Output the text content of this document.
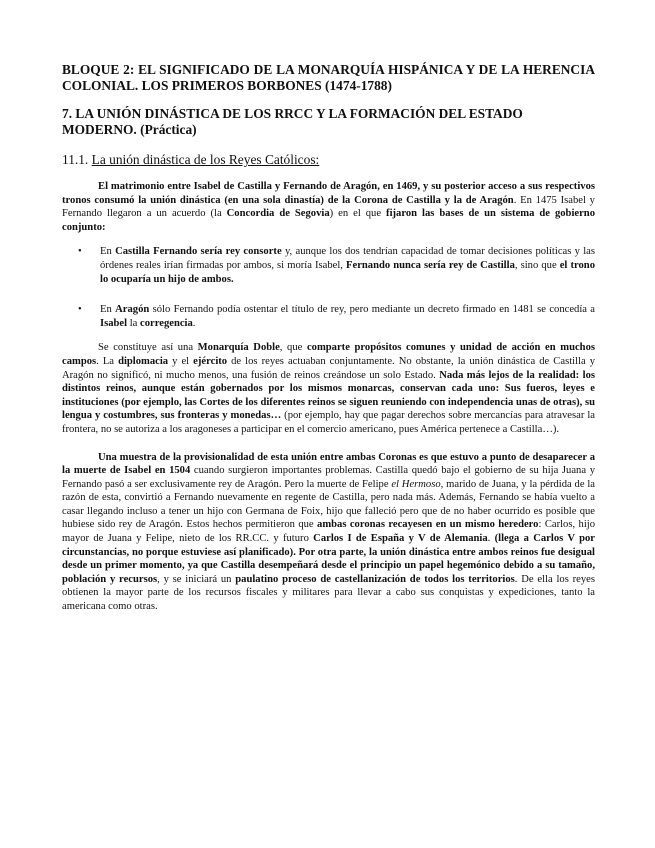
BLOQUE 2: EL SIGNIFICADO DE LA MONARQUÍA HISPÁNICA Y DE LA HERENCIA COLONIAL. LOS PRIMEROS BORBONES (1474-1788)
7. LA UNIÓN DINÁSTICA DE LOS RRCC Y LA FORMACIÓN DEL ESTADO MODERNO. (Práctica)
11.1. La unión dinástica de los Reyes Católicos:

El matrimonio entre Isabel de Castilla y Fernando de Aragón, en 1469, y su posterior acceso a sus respectivos tronos consumó la unión dinástica (en una sola dinastía) de la Corona de Castilla y la de Aragón. En 1475 Isabel y Fernando llegaron a un acuerdo (la Concordia de Segovia) en el que fijaron las bases de un sistema de gobierno conjunto:

• En Castilla Fernando sería rey consorte y, aunque los dos tendrían capacidad de tomar decisiones políticas y las órdenes reales irían firmadas por ambos, si moría Isabel, Fernando nunca sería rey de Castilla, sino que el trono lo ocuparía un hijo de ambos.
• En Aragón sólo Fernando podía ostentar el título de rey, pero mediante un decreto firmado en 1481 se concedía a Isabel la corregencia.

Se constituye así una Monarquía Doble, que comparte propósitos comunes y unidad de acción en muchos campos. La diplomacia y el ejército de los reyes actuaban conjuntamente. No obstante, la unión dinástica de Castilla y Aragón no significó, ni mucho menos, una fusión de reinos creándose un solo Estado. Nada más lejos de la realidad: los distintos reinos, aunque están gobernados por los mismos monarcas, conservan cada uno: Sus fueros, leyes e instituciones (por ejemplo, las Cortes de los diferentes reinos se siguen reuniendo con independencia unas de otras), su lengua y costumbres, sus fronteras y monedas… (por ejemplo, hay que pagar derechos sobre mercancías para atravesar la frontera, no se autoriza a los aragoneses a participar en el comercio americano, pues América pertenece a Castilla…).

Una muestra de la provisionalidad de esta unión entre ambas Coronas es que estuvo a punto de desaparecer a la muerte de Isabel en 1504 cuando surgieron importantes problemas. Castilla quedó bajo el gobierno de su hija Juana y Fernando pasó a ser exclusivamente rey de Aragón. Pero la muerte de Felipe el Hermoso, marido de Juana, y la pérdida de la razón de esta, convirtió a Fernando nuevamente en regente de Castilla, pero nada más. Además, Fernando se había vuelto a casar llegando incluso a tener un hijo con Germana de Foix, hijo que falleció pero que de no haber ocurrido es posible que hubiese sido rey de Aragón. Estos hechos permitieron que ambas coronas recayesen en un mismo heredero: Carlos, hijo mayor de Juana y Felipe, nieto de los RR.CC. y futuro Carlos I de España y V de Alemania. (llega a Carlos V por circunstancias, no porque estuviese así planificado). Por otra parte, la unión dinástica entre ambos reinos fue desigual desde un primer momento, ya que Castilla desempeñará desde el principio un papel hegemónico debido a su tamaño, población y recursos, y se iniciará un paulatino proceso de castellanización de todos los territorios. De ella los reyes obtienen la mayor parte de los recursos fiscales y militares para llevar a cabo sus conquistas y expediciones, tanto la americana como otras.
